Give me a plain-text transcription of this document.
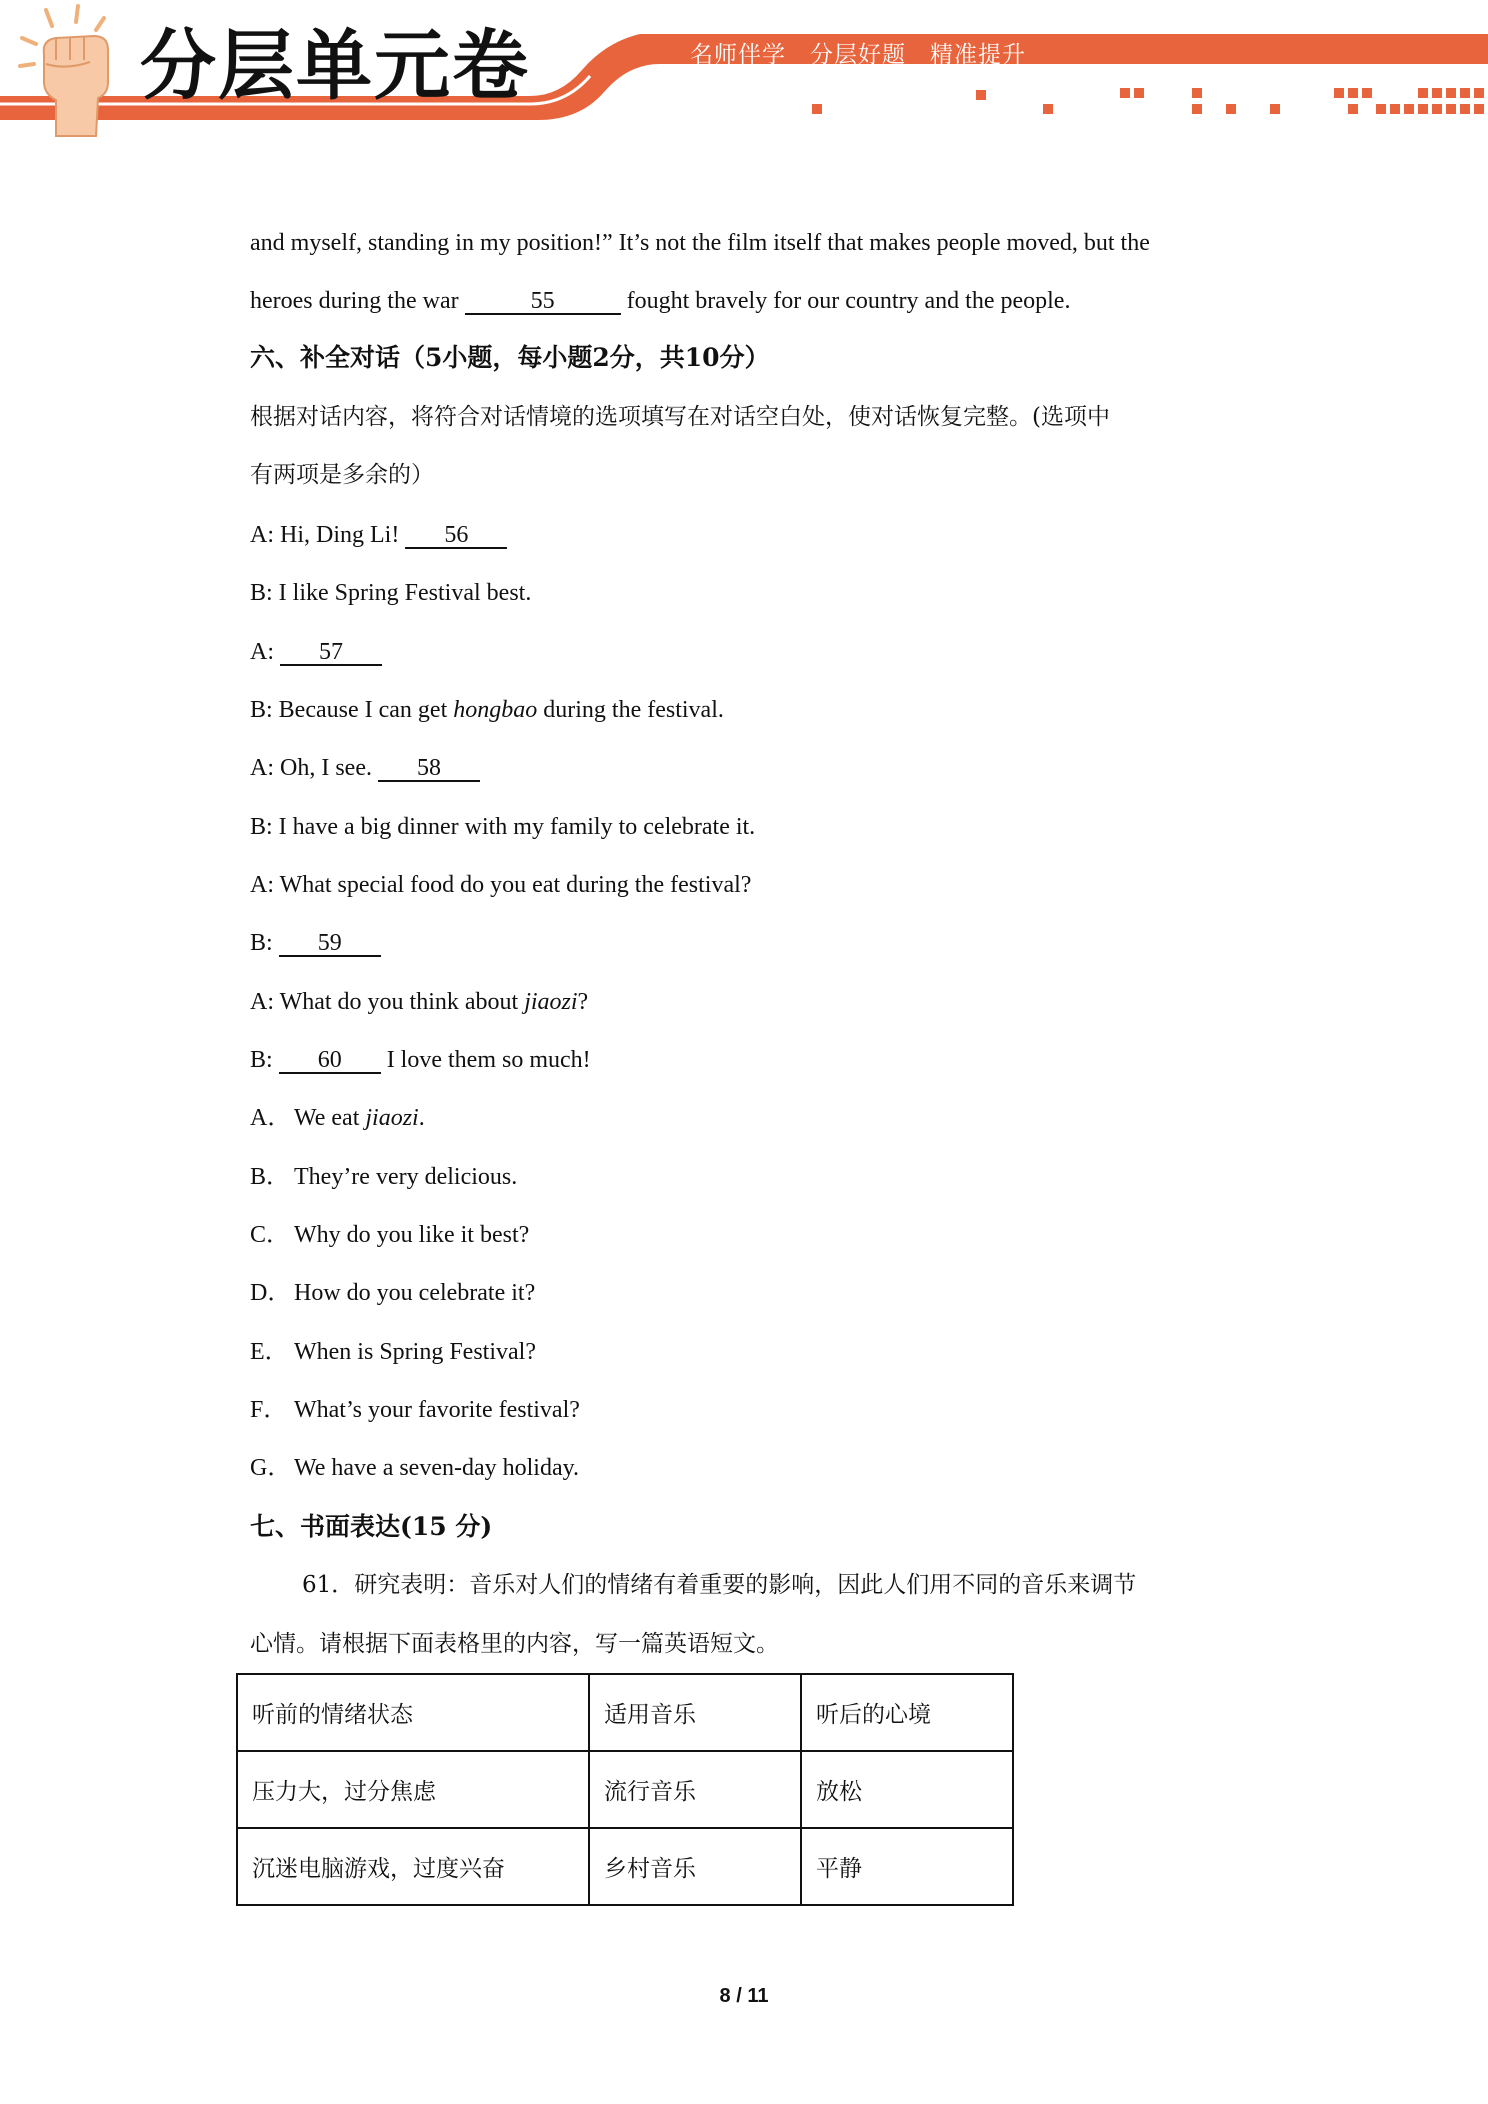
分层单元卷	名师伴学 分层好题 精准提升
and myself, standing in my position!” It’s not the film itself that makes people moved, but the
heroes during the war	55	fought bravely for our country and the people.
六、补全对话（5小题，每小题2分，共10分）
根据对话内容，将符合对话情境的选项填写在对话空白处，使对话恢复完整。(选项中
有两项是多余的）
A: Hi, Ding Li! 56
B: I like Spring Festival best.
A: 57
B: Because I can get hongbao during the festival.
A: Oh, I see. 58
B: I have a big dinner with my family to celebrate it.
A: What special food do you eat during the festival?
B: 59
A: What do you think about jiaozi?
B: 60 I love them so much!
A． We eat jiaozi.
B． They’re very delicious.
C． Why do you like it best?
D． How do you celebrate it?
E． When is Spring Festival?
F． What’s your favorite festival?
G． We have a seven-day holiday.
七、书面表达(15 分)
61．研究表明：音乐对人们的情绪有着重要的影响，因此人们用不同的音乐来调节
心情。请根据下面表格里的内容，写一篇英语短文。
听前的情绪状态	适用音乐	听后的心境
压力大，过分焦虑	流行音乐	放松
沉迷电脑游戏，过度兴奋	乡村音乐	平静
8 / 11
